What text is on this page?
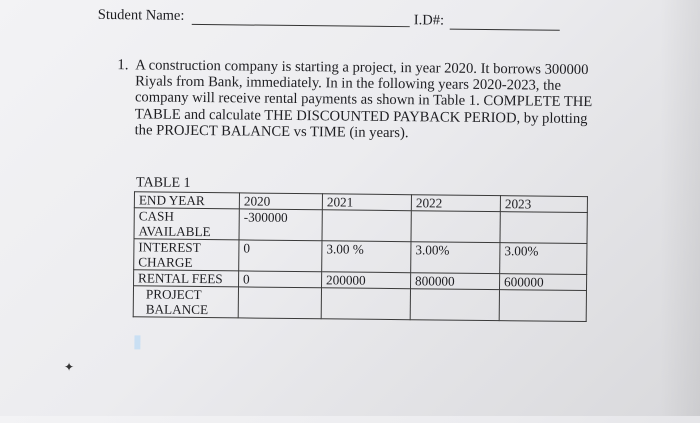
Student Name:	I.D#:
1. A construction company is starting a project, in year 2020. It borrows 300000 Riyals from Bank, immediately. In in the following years 2020-2023, the company will receive rental payments as shown in Table 1. COMPLETE THE TABLE and calculate THE DISCOUNTED PAYBACK PERIOD, by plotting the PROJECT BALANCE vs TIME (in years).
TABLE 1
END YEAR	2020	2021	2022	2023
CASH AVAILABLE	-300000			
INTEREST CHARGE	0	3.00 %	3.00%	3.00%
RENTAL FEES	0	200000	800000	600000
PROJECT BALANCE				
✦
